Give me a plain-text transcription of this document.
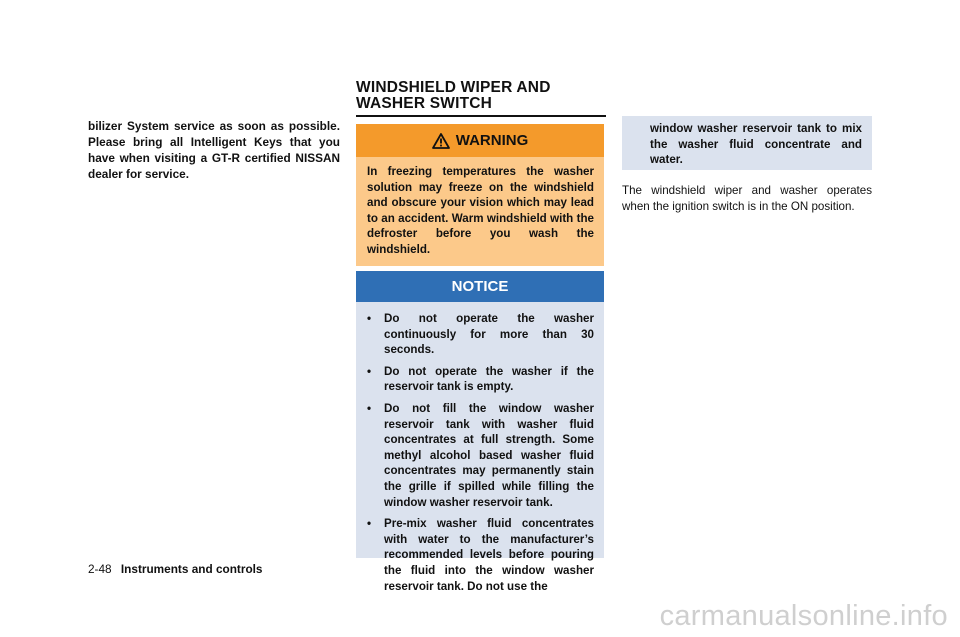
bilizer System service as soon as possible. Please bring all Intelligent Keys that you have when visiting a GT-R certified NISSAN dealer for service.
WINDSHIELD WIPER AND WASHER SWITCH
WARNING
In freezing temperatures the washer solution may freeze on the windshield and obscure your vision which may lead to an accident. Warm windshield with the defroster before you wash the windshield.
NOTICE
• Do not operate the washer continuously for more than 30 seconds.
• Do not operate the washer if the reservoir tank is empty.
• Do not fill the window washer reservoir tank with washer fluid concentrates at full strength. Some methyl alcohol based washer fluid concentrates may permanently stain the grille if spilled while filling the window washer reservoir tank.
• Pre-mix washer fluid concentrates with water to the manufacturer’s recommended levels before pouring the fluid into the window washer reservoir tank. Do not use the
window washer reservoir tank to mix the washer fluid concentrate and water.
The windshield wiper and washer operates when the ignition switch is in the ON position.
2-48 Instruments and controls
carmanualsonline.info
